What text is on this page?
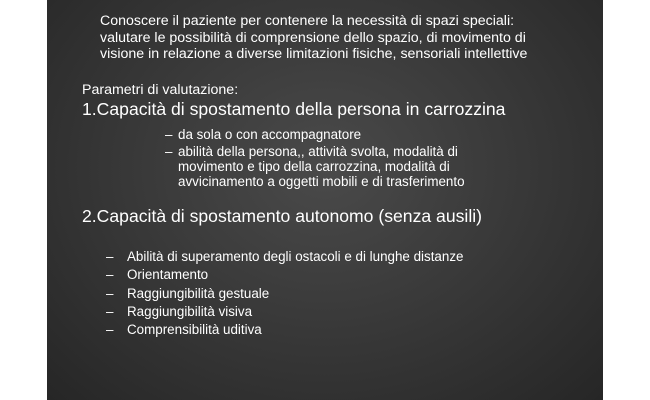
Conoscere il paziente per contenere la necessità di spazi speciali:
valutare le possibilità di comprensione dello spazio, di movimento di
visione in relazione a diverse limitazioni fisiche, sensoriali intellettive
Parametri di valutazione:
1.Capacità di spostamento della persona in carrozzina
– da sola o con accompagnatore
– abilità della persona,, attività svolta, modalità di
movimento e tipo della carrozzina, modalità di
avvicinamento a oggetti mobili e di trasferimento
2.Capacità di spostamento autonomo (senza ausili)
– Abilità di superamento degli ostacoli e di lunghe distanze
– Orientamento
– Raggiungibilità gestuale
– Raggiungibilità visiva
– Comprensibilità uditiva
